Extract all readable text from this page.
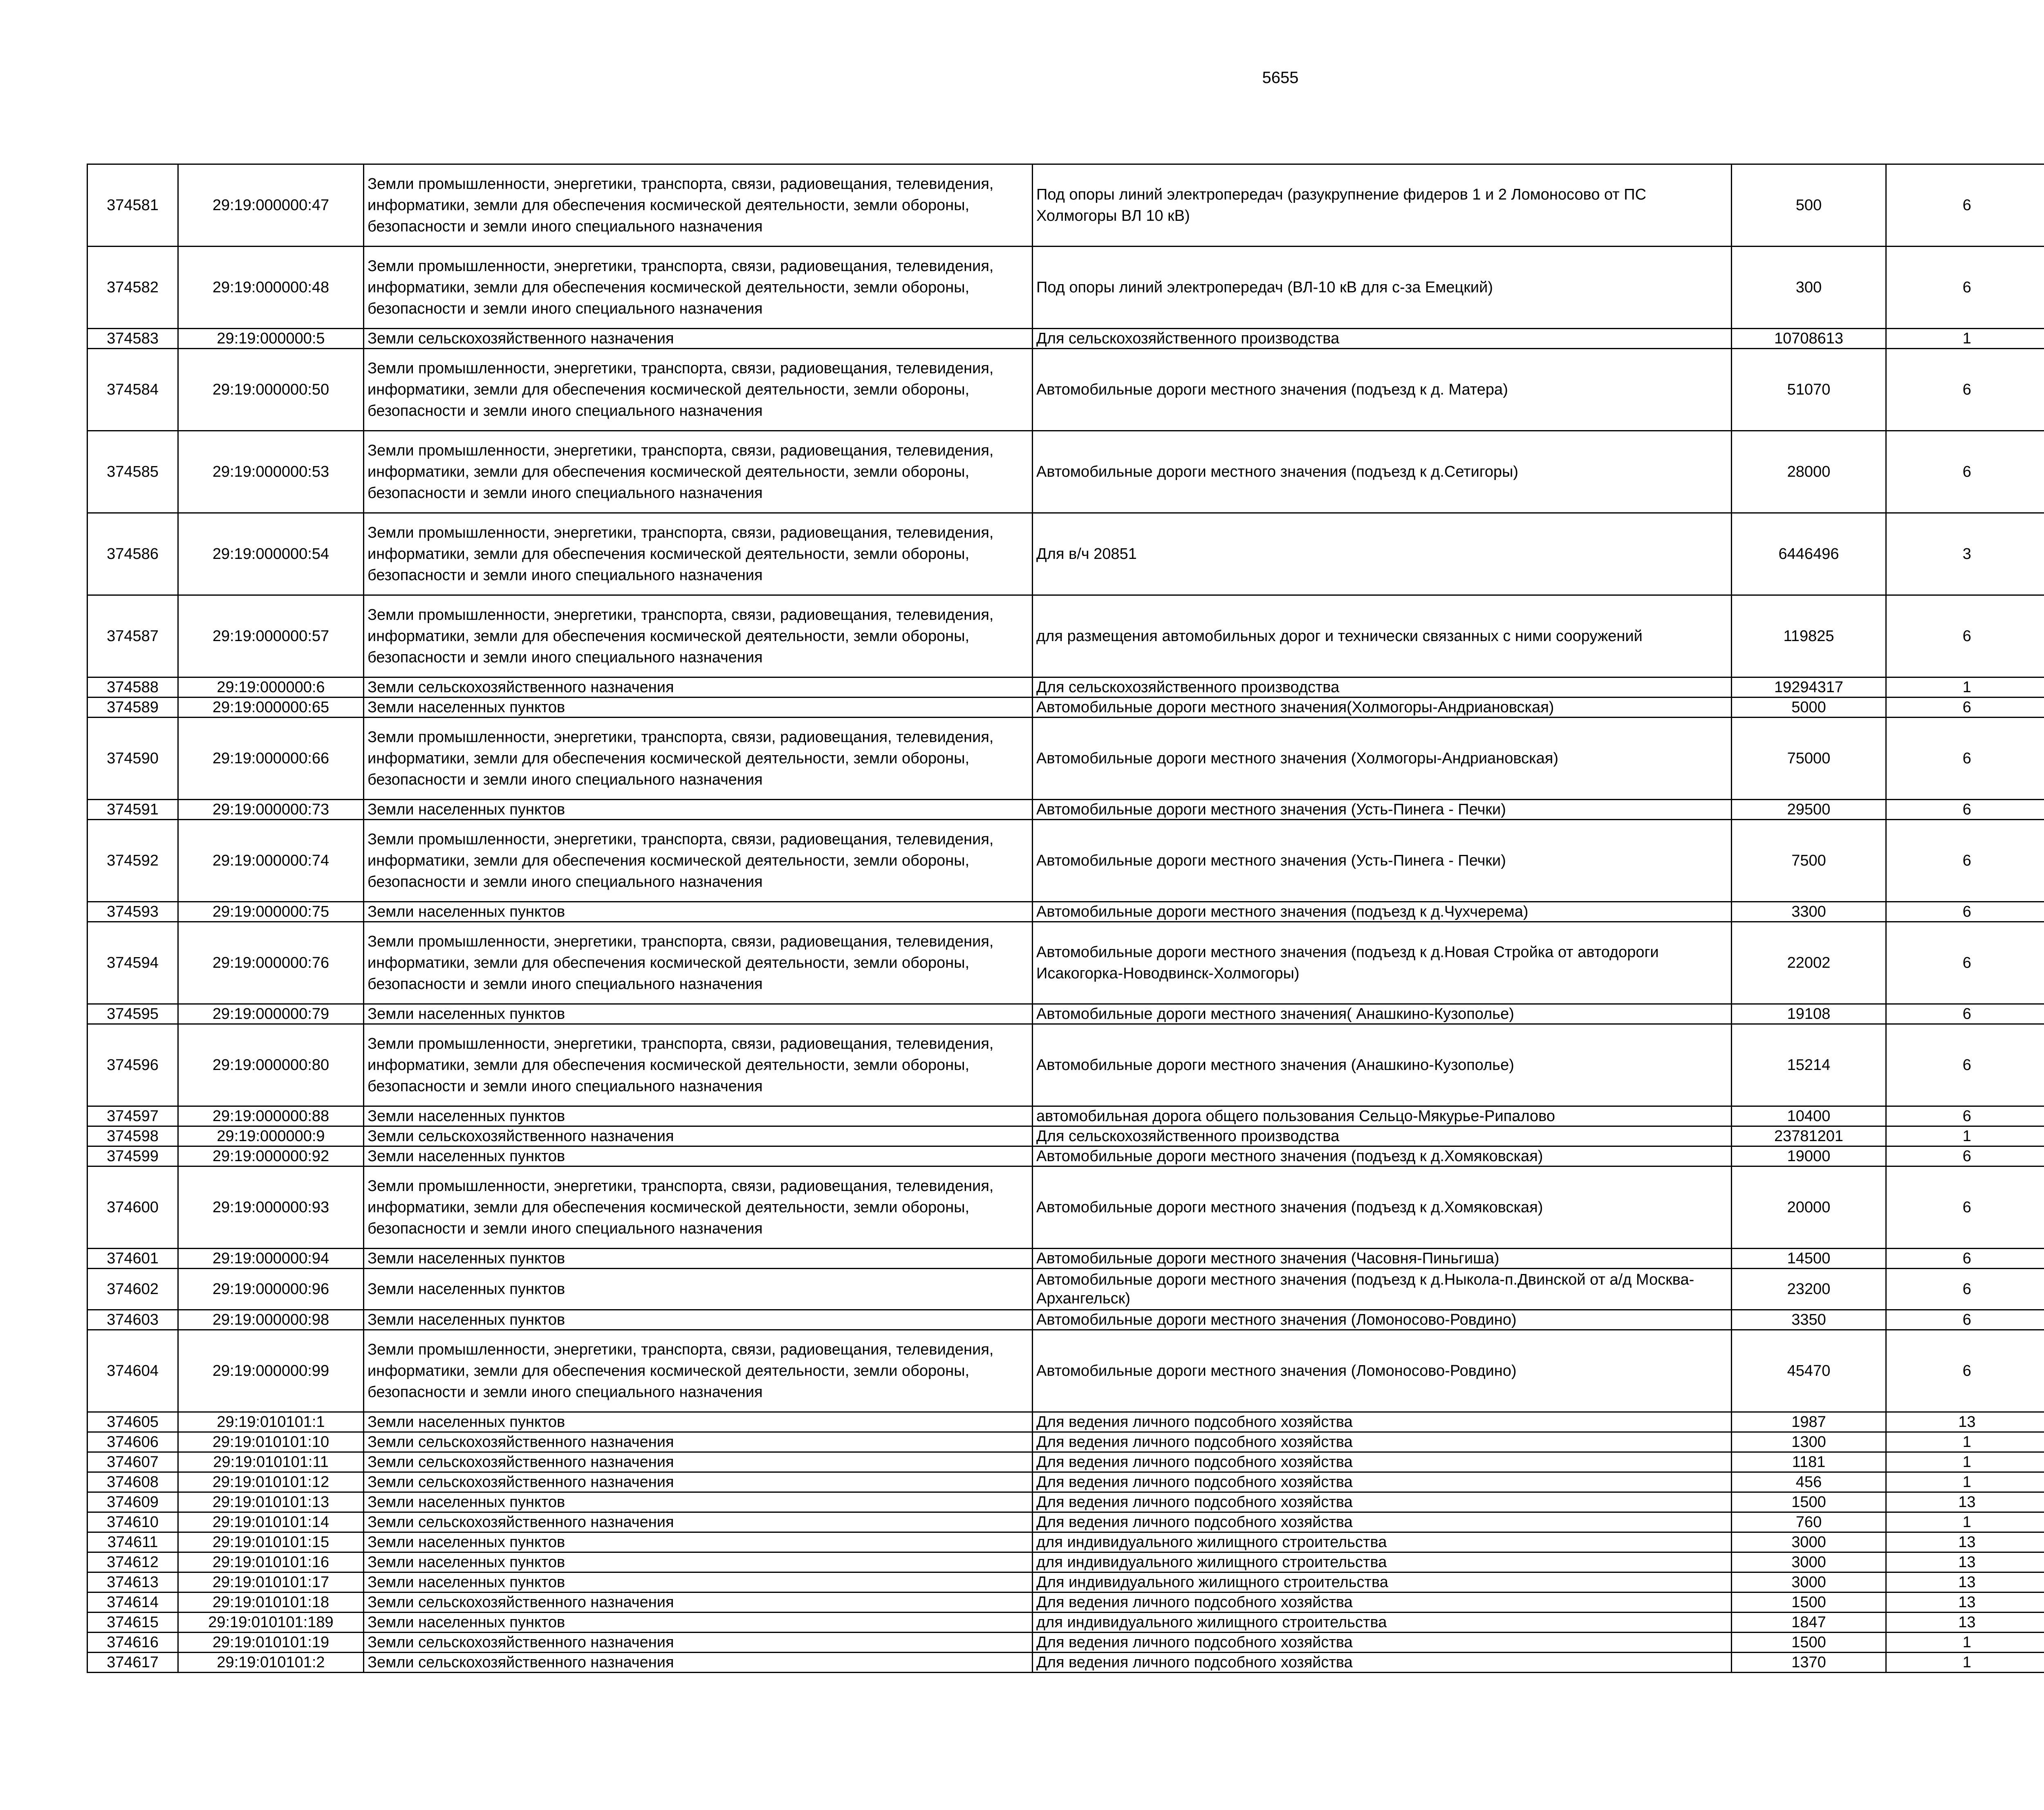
5655
374581	29:19:000000:47	Земли промышленности, энергетики, транспорта, связи, радиовещания, телевидения, информатики, земли для обеспечения космической деятельности, земли обороны, безопасности и земли иного специального назначения	Под опоры линий электропередач (разукрупнение фидеров 1 и 2 Ломоносово от ПС Холмогоры ВЛ 10 кВ)	500	6		
374582	29:19:000000:48	Земли промышленности, энергетики, транспорта, связи, радиовещания, телевидения, информатики, земли для обеспечения космической деятельности, земли обороны, безопасности и земли иного специального назначения	Под опоры линий электропередач (ВЛ-10 кВ для с-за Емецкий)	300	6		
374583	29:19:000000:5	Земли сельскохозяйственного назначения	Для сельскохозяйственного производства	10708613	1		
374584	29:19:000000:50	Земли промышленности, энергетики, транспорта, связи, радиовещания, телевидения, информатики, земли для обеспечения космической деятельности, земли обороны, безопасности и земли иного специального назначения	Автомобильные дороги местного значения (подъезд к д. Матера)	51070	6		
374585	29:19:000000:53	Земли промышленности, энергетики, транспорта, связи, радиовещания, телевидения, информатики, земли для обеспечения космической деятельности, земли обороны, безопасности и земли иного специального назначения	Автомобильные дороги местного значения (подъезд к д.Сетигоры)	28000	6		
374586	29:19:000000:54	Земли промышленности, энергетики, транспорта, связи, радиовещания, телевидения, информатики, земли для обеспечения космической деятельности, земли обороны, безопасности и земли иного специального назначения	Для в/ч 20851	6446496	3		
374587	29:19:000000:57	Земли промышленности, энергетики, транспорта, связи, радиовещания, телевидения, информатики, земли для обеспечения космической деятельности, земли обороны, безопасности и земли иного специального назначения	для размещения автомобильных дорог и технически связанных с ними сооружений	119825	6		
374588	29:19:000000:6	Земли сельскохозяйственного назначения	Для сельскохозяйственного производства	19294317	1		
374589	29:19:000000:65	Земли населенных пунктов	Автомобильные дороги местного значения(Холмогоры-Андриановская)	5000	6		
374590	29:19:000000:66	Земли промышленности, энергетики, транспорта, связи, радиовещания, телевидения, информатики, земли для обеспечения космической деятельности, земли обороны, безопасности и земли иного специального назначения	Автомобильные дороги местного значения (Холмогоры-Андриановская)	75000	6		
374591	29:19:000000:73	Земли населенных пунктов	Автомобильные дороги местного значения (Усть-Пинега - Печки)	29500	6		
374592	29:19:000000:74	Земли промышленности, энергетики, транспорта, связи, радиовещания, телевидения, информатики, земли для обеспечения космической деятельности, земли обороны, безопасности и земли иного специального назначения	Автомобильные дороги местного значения (Усть-Пинега - Печки)	7500	6		
374593	29:19:000000:75	Земли населенных пунктов	Автомобильные дороги местного значения (подъезд к д.Чухчерема)	3300	6		
374594	29:19:000000:76	Земли промышленности, энергетики, транспорта, связи, радиовещания, телевидения, информатики, земли для обеспечения космической деятельности, земли обороны, безопасности и земли иного специального назначения	Автомобильные дороги местного значения (подъезд к д.Новая Стройка от автодороги Исакогорка-Новодвинск-Холмогоры)	22002	6		
374595	29:19:000000:79	Земли населенных пунктов	Автомобильные дороги местного значения( Анашкино-Кузополье)	19108	6		
374596	29:19:000000:80	Земли промышленности, энергетики, транспорта, связи, радиовещания, телевидения, информатики, земли для обеспечения космической деятельности, земли обороны, безопасности и земли иного специального назначения	Автомобильные дороги местного значения (Анашкино-Кузополье)	15214	6		
374597	29:19:000000:88	Земли населенных пунктов	автомобильная дорога общего пользования Сельцо-Мякурье-Рипалово	10400	6		
374598	29:19:000000:9	Земли сельскохозяйственного назначения	Для сельскохозяйственного производства	23781201	1		
374599	29:19:000000:92	Земли населенных пунктов	Автомобильные дороги местного значения (подъезд к д.Хомяковская)	19000	6		
374600	29:19:000000:93	Земли промышленности, энергетики, транспорта, связи, радиовещания, телевидения, информатики, земли для обеспечения космической деятельности, земли обороны, безопасности и земли иного специального назначения	Автомобильные дороги местного значения (подъезд к д.Хомяковская)	20000	6		
374601	29:19:000000:94	Земли населенных пунктов	Автомобильные дороги местного значения (Часовня-Пиньгиша)	14500	6		
374602	29:19:000000:96	Земли населенных пунктов	Автомобильные дороги местного значения (подъезд к д.Ныкола-п.Двинской от а/д Москва-Архангельск)	23200	6		
374603	29:19:000000:98	Земли населенных пунктов	Автомобильные дороги местного значения (Ломоносово-Ровдино)	3350	6		
374604	29:19:000000:99	Земли промышленности, энергетики, транспорта, связи, радиовещания, телевидения, информатики, земли для обеспечения космической деятельности, земли обороны, безопасности и земли иного специального назначения	Автомобильные дороги местного значения (Ломоносово-Ровдино)	45470	6		
374605	29:19:010101:1	Земли населенных пунктов	Для ведения личного подсобного хозяйства	1987	13		
374606	29:19:010101:10	Земли сельскохозяйственного назначения	Для ведения личного подсобного хозяйства	1300	1		
374607	29:19:010101:11	Земли сельскохозяйственного назначения	Для ведения личного подсобного хозяйства	1181	1		
374608	29:19:010101:12	Земли сельскохозяйственного назначения	Для ведения личного подсобного хозяйства	456	1		
374609	29:19:010101:13	Земли населенных пунктов	Для ведения личного подсобного хозяйства	1500	13		
374610	29:19:010101:14	Земли сельскохозяйственного назначения	Для ведения личного подсобного хозяйства	760	1		
374611	29:19:010101:15	Земли населенных пунктов	для индивидуального жилищного строительства	3000	13		
374612	29:19:010101:16	Земли населенных пунктов	для индивидуального жилищного строительства	3000	13		
374613	29:19:010101:17	Земли населенных пунктов	Для индивидуального жилищного строительства	3000	13		
374614	29:19:010101:18	Земли сельскохозяйственного назначения	Для ведения личного подсобного хозяйства	1500	13		
374615	29:19:010101:189	Земли населенных пунктов	для индивидуального жилищного строительства	1847	13		
374616	29:19:010101:19	Земли сельскохозяйственного назначения	Для ведения личного подсобного хозяйства	1500	1		
374617	29:19:010101:2	Земли сельскохозяйственного назначения	Для ведения личного подсобного хозяйства	1370	1		
